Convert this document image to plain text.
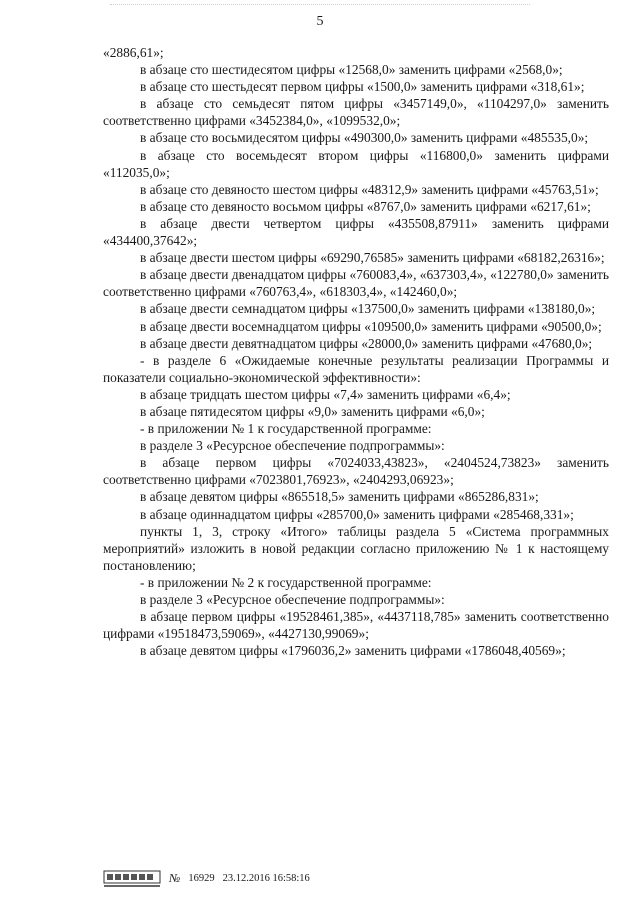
5

«2886,61»;

в абзаце сто шестидесятом цифры «12568,0» заменить цифрами «2568,0»;

в абзаце сто шестьдесят первом цифры «1500,0» заменить цифрами «318,61»;

в абзаце сто семьдесят пятом цифры «3457149,0», «1104297,0» заменить соответственно цифрами «3452384,0», «1099532,0»;

в абзаце сто восьмидесятом цифры «490300,0» заменить цифрами «485535,0»;

в абзаце сто восемьдесят втором цифры «116800,0» заменить цифрами «112035,0»;

в абзаце сто девяносто шестом цифры «48312,9» заменить цифрами «45763,51»;

в абзаце сто девяносто восьмом цифры «8767,0» заменить цифрами «6217,61»;

в абзаце двести четвертом цифры «435508,87911» заменить цифрами «434400,37642»;

в абзаце двести шестом цифры «69290,76585» заменить цифрами «68182,26316»;

в абзаце двести двенадцатом цифры «760083,4», «637303,4», «122780,0» заменить соответственно цифрами «760763,4», «618303,4», «142460,0»;

в абзаце двести семнадцатом цифры «137500,0» заменить цифрами «138180,0»;

в абзаце двести восемнадцатом цифры «109500,0» заменить цифрами «90500,0»;

в абзаце двести девятнадцатом цифры «28000,0» заменить цифрами «47680,0»;

- в разделе 6 «Ожидаемые конечные результаты реализации Программы и показатели социально-экономической эффективности»:

в абзаце тридцать шестом цифры «7,4» заменить цифрами «6,4»;

в абзаце пятидесятом цифры «9,0» заменить цифрами «6,0»;

- в приложении № 1 к государственной программе:

в разделе 3 «Ресурсное обеспечение подпрограммы»:

в абзаце первом цифры «7024033,43823», «2404524,73823» заменить соответственно цифрами «7023801,76923», «2404293,06923»;

в абзаце девятом цифры «865518,5» заменить цифрами «865286,831»;

в абзаце одиннадцатом цифры «285700,0» заменить цифрами «285468,331»;

пункты 1, 3, строку «Итого» таблицы раздела 5 «Система программных мероприятий» изложить в новой редакции согласно приложению № 1 к настоящему постановлению;

- в приложении № 2 к государственной программе:

в разделе 3 «Ресурсное обеспечение подпрограммы»:

в абзаце первом цифры «19528461,385», «4437118,785» заменить соответственно цифрами «19518473,59069», «4427130,99069»;

в абзаце девятом цифры «1796036,2» заменить цифрами «1786048,40569»;

№ 16929 23.12.2016 16:58:16
